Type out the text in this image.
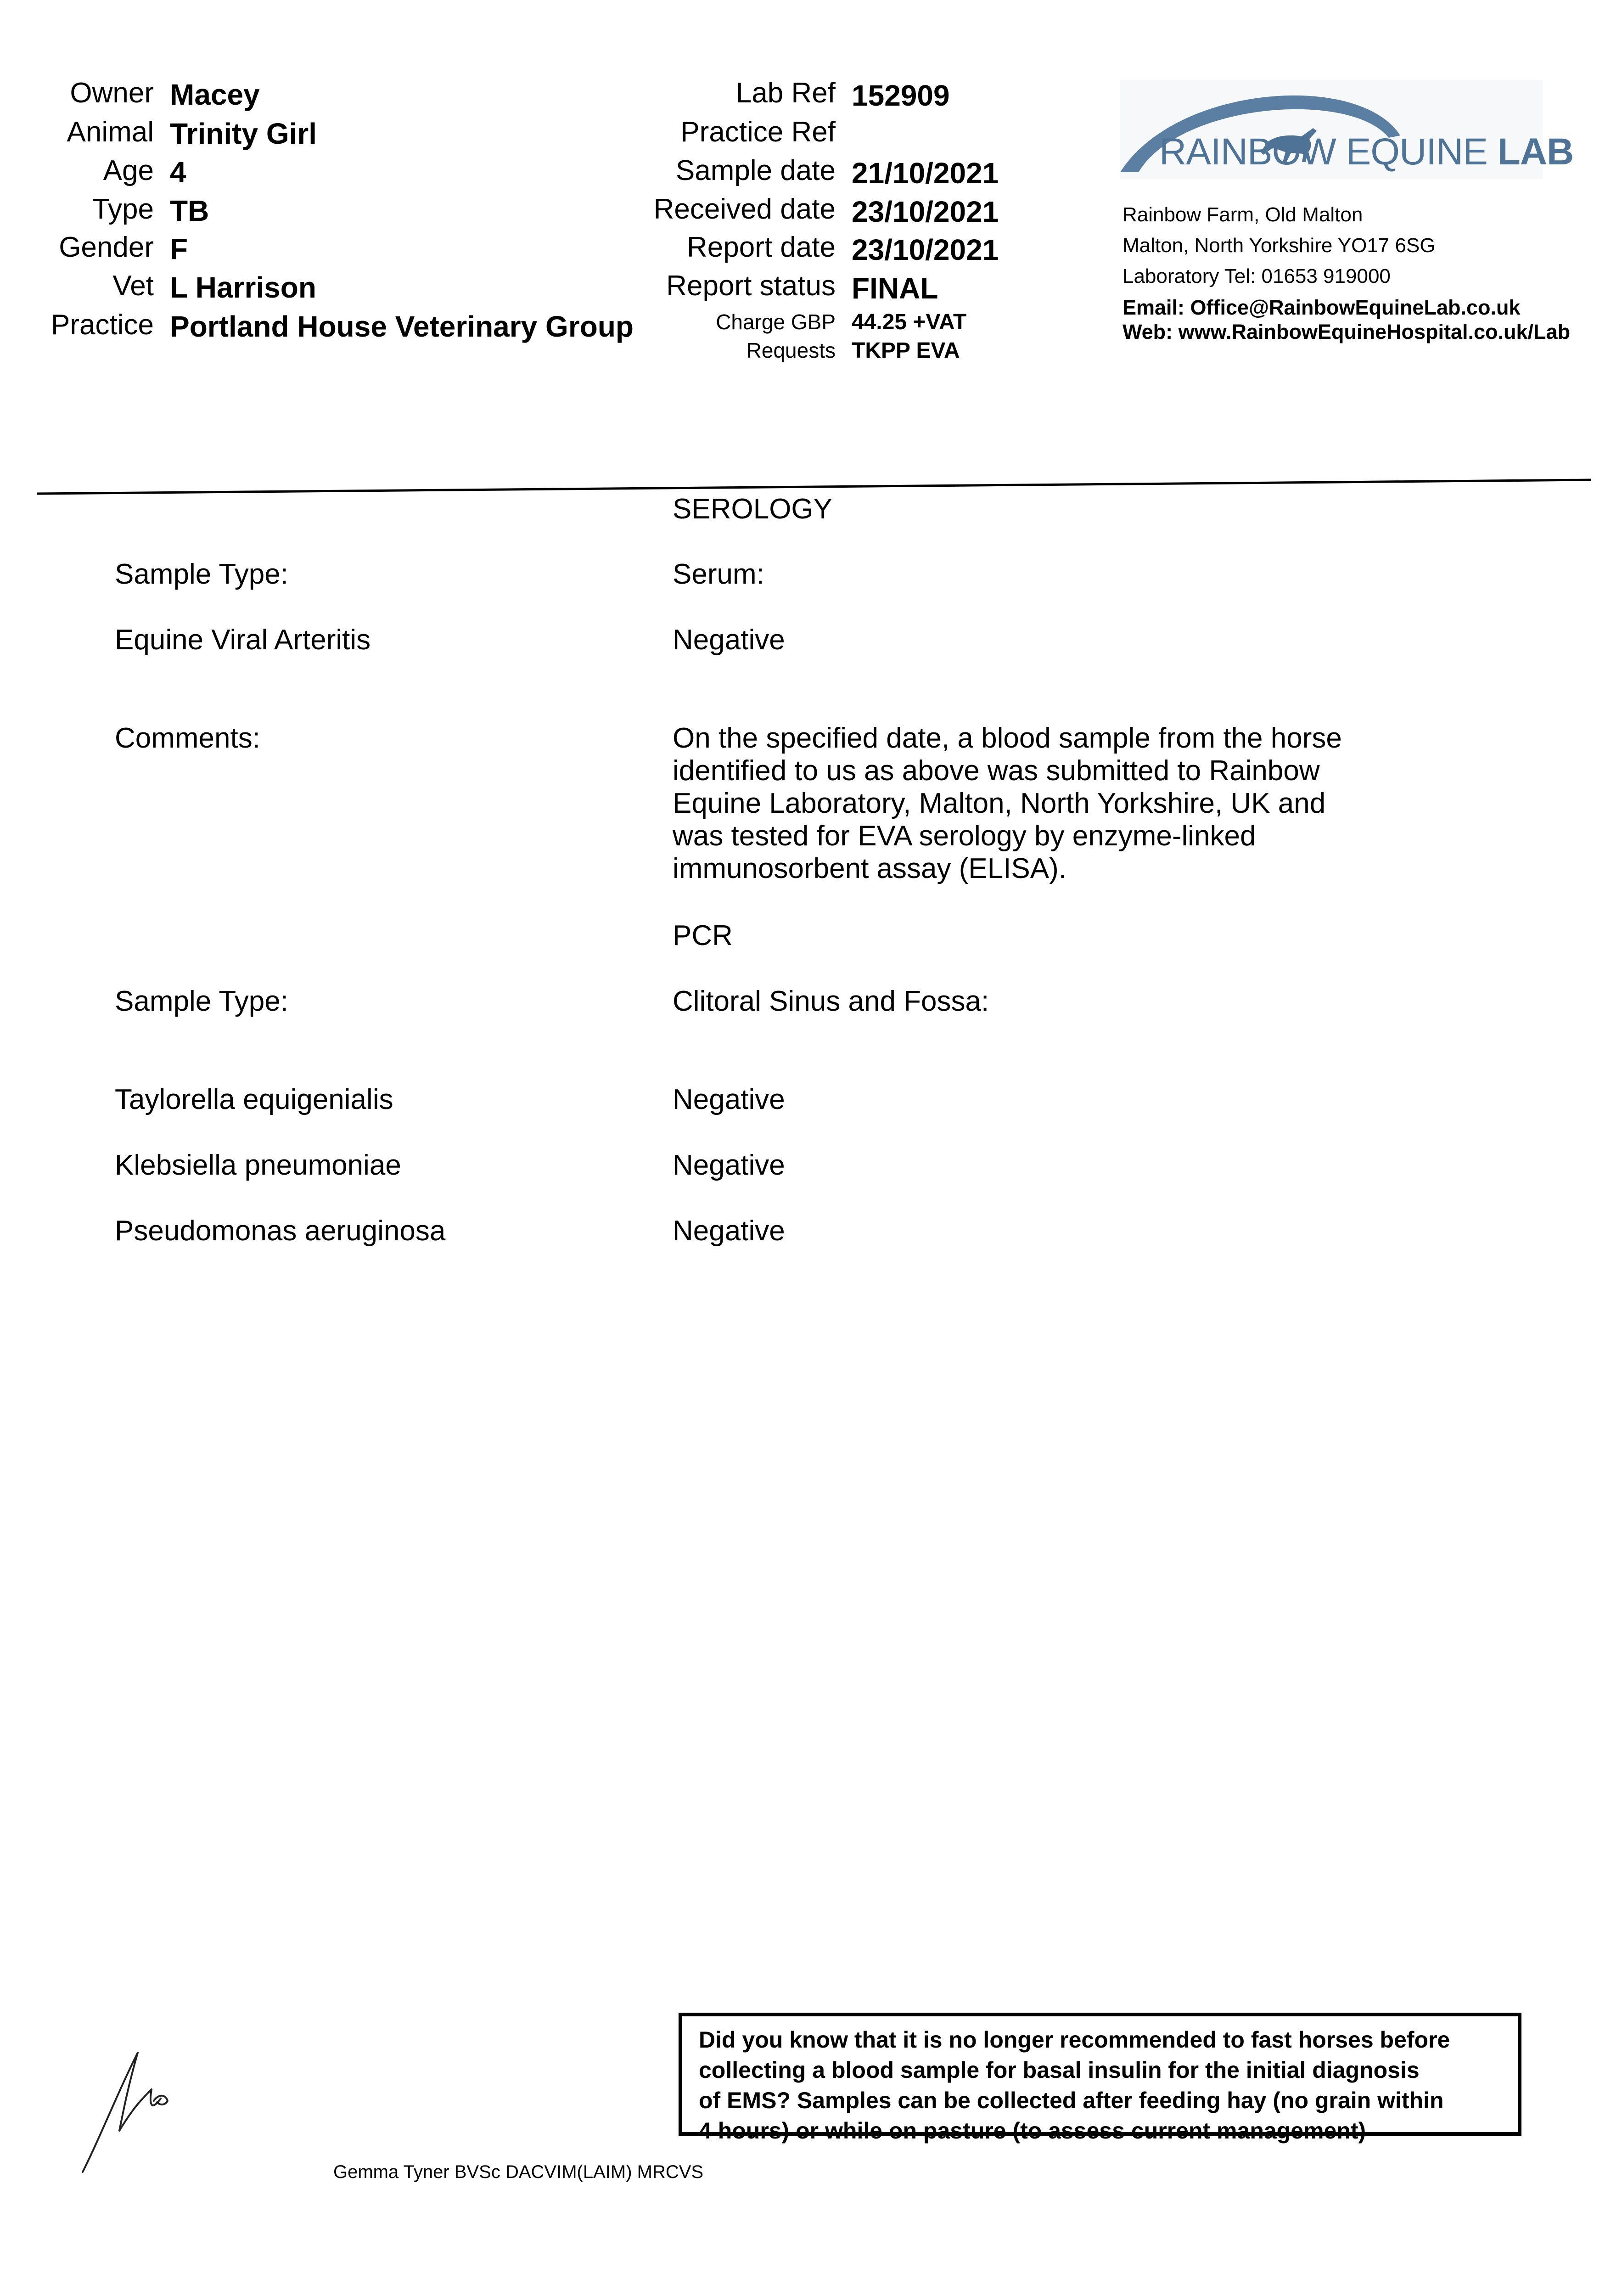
Owner Macey
Animal Trinity Girl
Age 4
Type TB
Gender F
Vet L Harrison
Practice Portland House Veterinary Group
Lab Ref 152909
Practice Ref
Sample date 21/10/2021
Received date 23/10/2021
Report date 23/10/2021
Report status FINAL
Charge GBP 44.25 +VAT
Requests TKPP EVA
RAINBOW EQUINE LAB
Rainbow Farm, Old Malton
Malton, North Yorkshire YO17 6SG
Laboratory Tel: 01653 919000
Email: Office@RainbowEquineLab.co.uk
Web: www.RainbowEquineHospital.co.uk/Lab
SEROLOGY
Sample Type:	Serum:
Equine Viral Arteritis	Negative
Comments:	On the specified date, a blood sample from the horse
identified to us as above was submitted to Rainbow
Equine Laboratory, Malton, North Yorkshire, UK and
was tested for EVA serology by enzyme-linked
immunosorbent assay (ELISA).
PCR
Sample Type:	Clitoral Sinus and Fossa:
Taylorella equigenialis	Negative
Klebsiella pneumoniae	Negative
Pseudomonas aeruginosa	Negative
Did you know that it is no longer recommended to fast horses before
collecting a blood sample for basal insulin for the initial diagnosis
of EMS? Samples can be collected after feeding hay (no grain within
4 hours) or while on pasture (to assess current management)
Gemma Tyner BVSc DACVIM(LAIM) MRCVS
